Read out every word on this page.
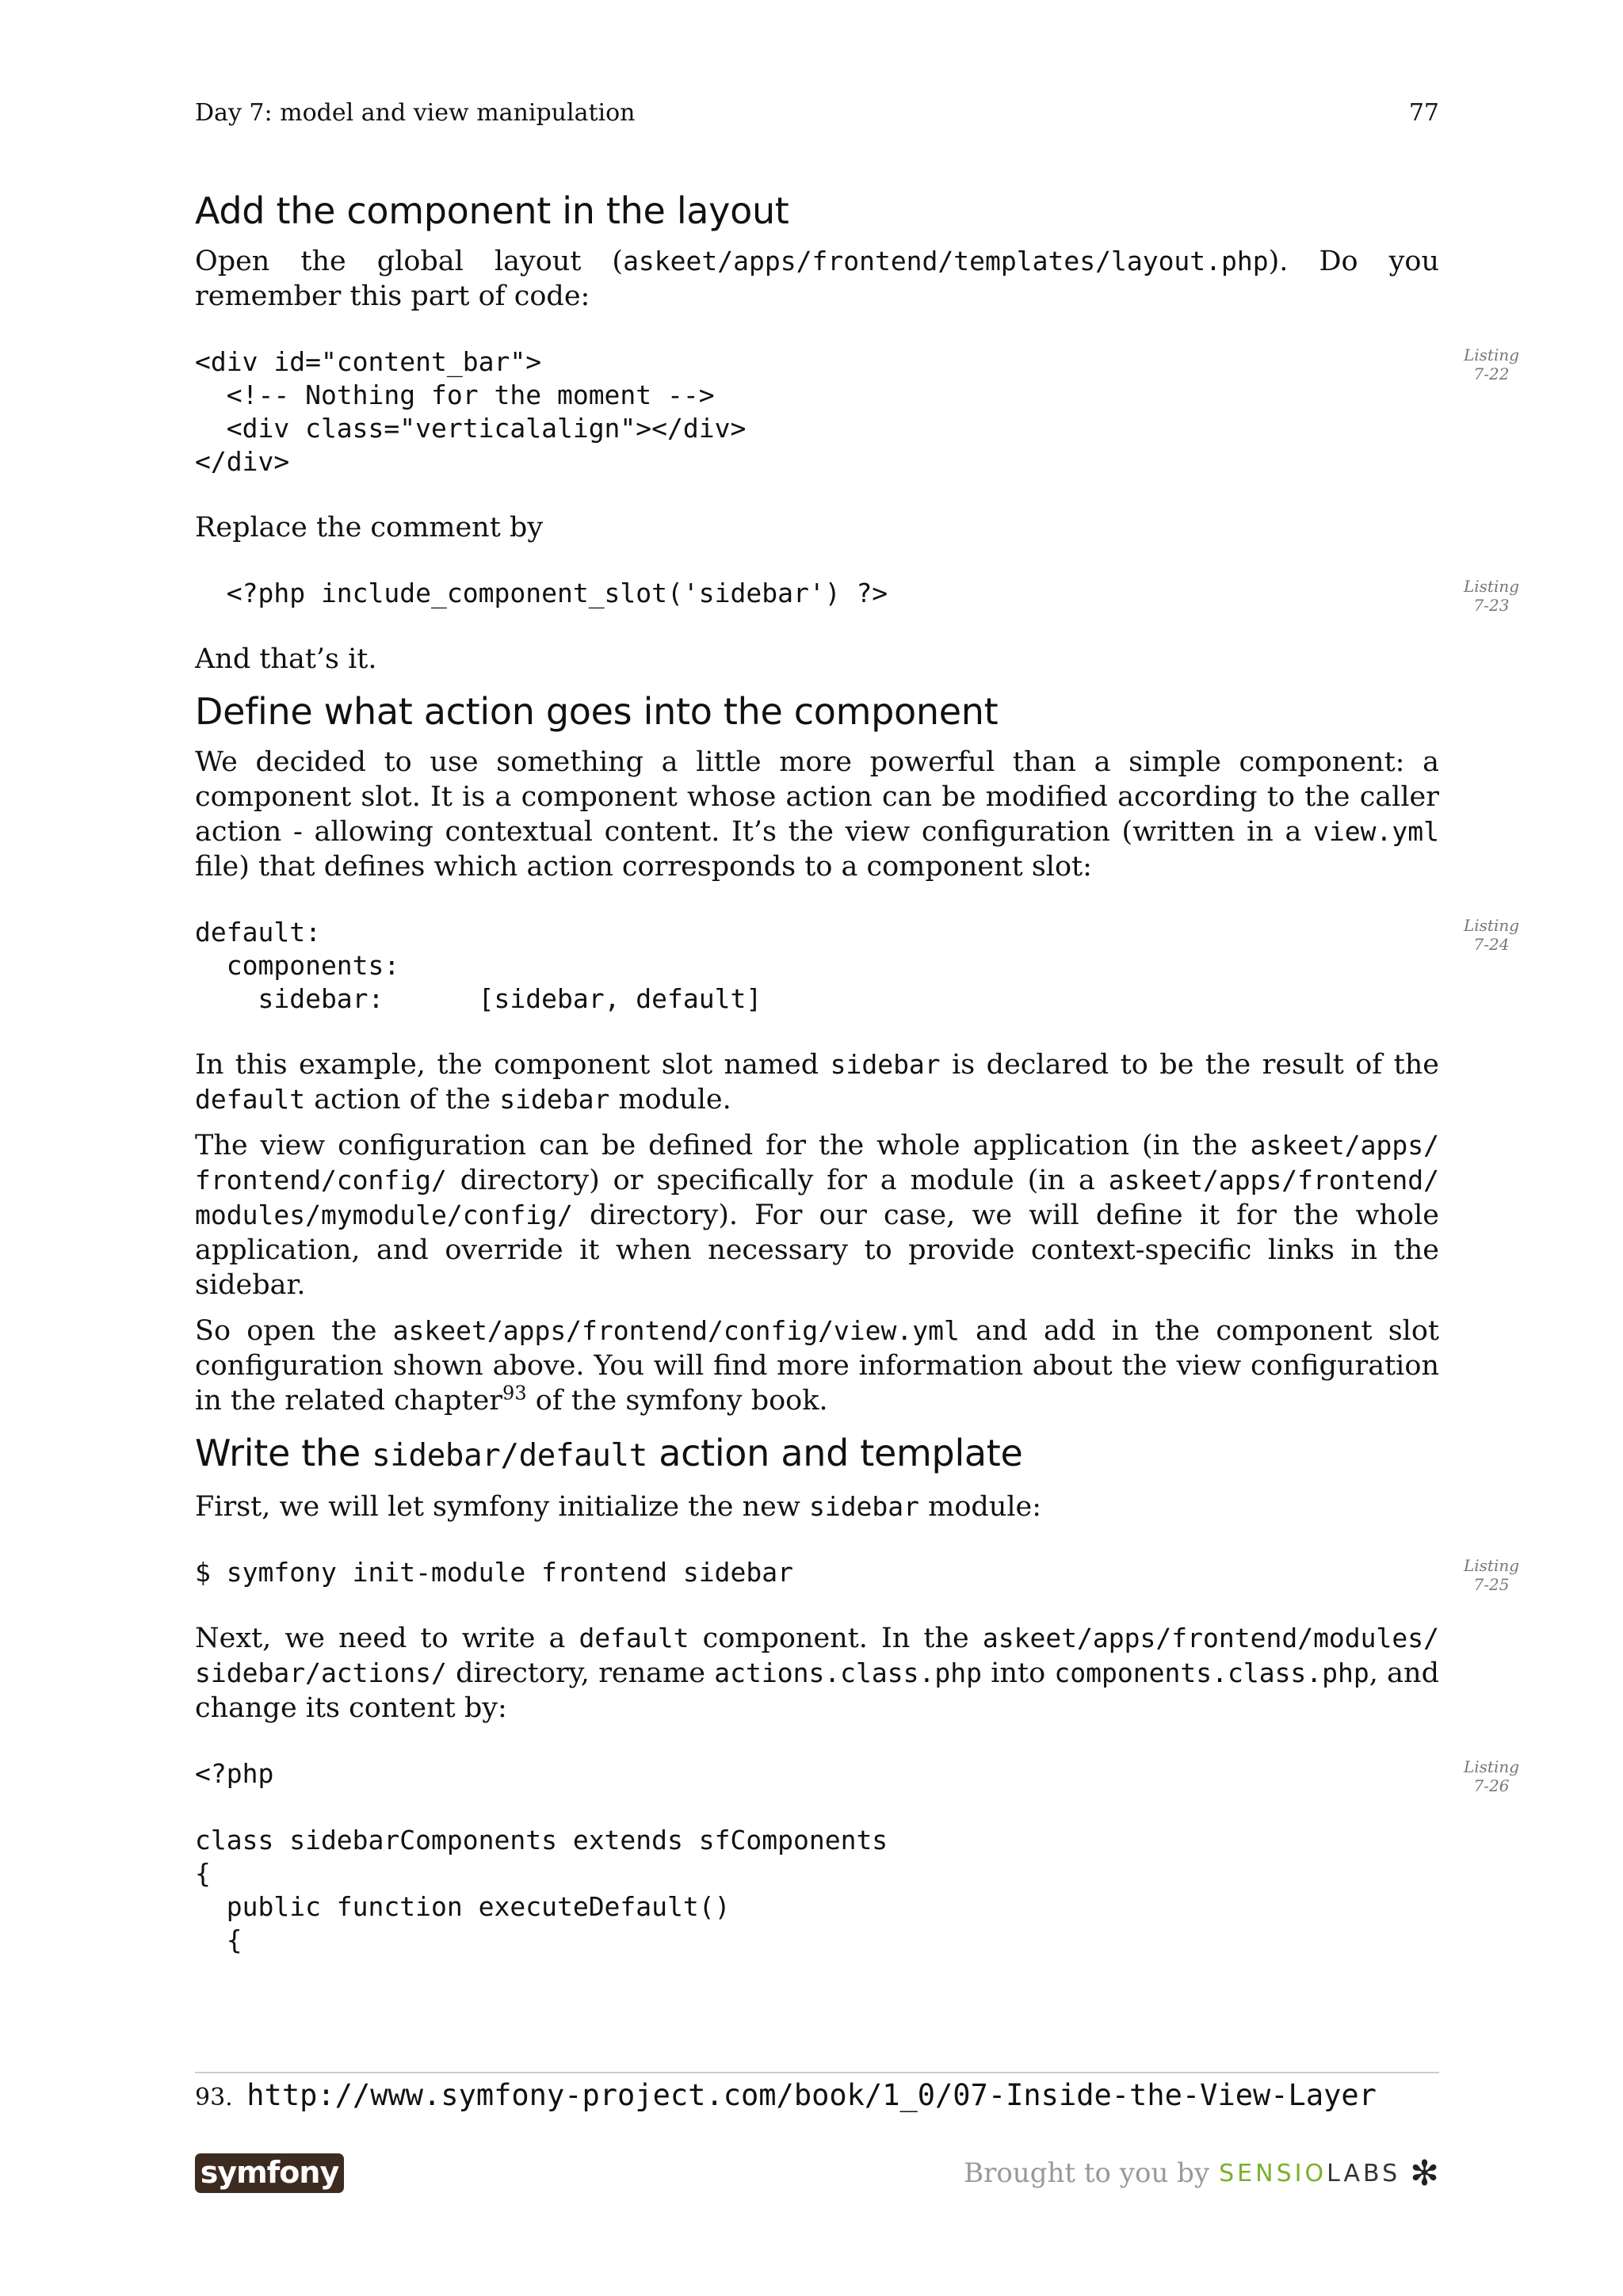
Day 7: model and view manipulation	77
Add the component in the layout

Open the global layout (askeet/apps/frontend/templates/layout.php). Do you remember this part of code:

<div id="content_bar">
<!-- Nothing for the moment -->
<div class="verticalalign"></div>
</div>
Listing
7-22

Replace the comment by

<?php include_component_slot('sidebar') ?>	Listing
7-23

And that’s it.

Define what action goes into the component

We decided to use something a little more powerful than a simple component: a component slot. It is a component whose action can be modified according to the caller action - allowing contextual content. It’s the view configuration (written in a view.yml file) that defines which action corresponds to a component slot:

default:
components:
sidebar:      [sidebar, default]
Listing
7-24

In this example, the component slot named sidebar is declared to be the result of the default action of the sidebar module.

The view configuration can be defined for the whole application (in the askeet/apps/ frontend/config/ directory) or specifically for a module (in a askeet/apps/frontend/ modules/mymodule/config/ directory). For our case, we will define it for the whole application, and override it when necessary to provide context-specific links in the sidebar.

So open the askeet/apps/frontend/config/view.yml and add in the component slot configuration shown above. You will find more information about the view configuration in the related chapter$^{93}$ of the symfony book.

Write the sidebar/default action and template

First, we will let symfony initialize the new sidebar module:

$ symfony init-module frontend sidebar	Listing
7-25

Next, we need to write a default component. In the askeet/apps/frontend/modules/ sidebar/actions/ directory, rename actions.class.php into components.class.php, and change its content by:

<?php

class sidebarComponents extends sfComponents
{
public function executeDefault()
{
Listing
7-26
93. http://www.symfony-project.com/book/1_0/07-Inside-the-View-Layer
symfony	Brought to you by SENSIOLABS ✻
